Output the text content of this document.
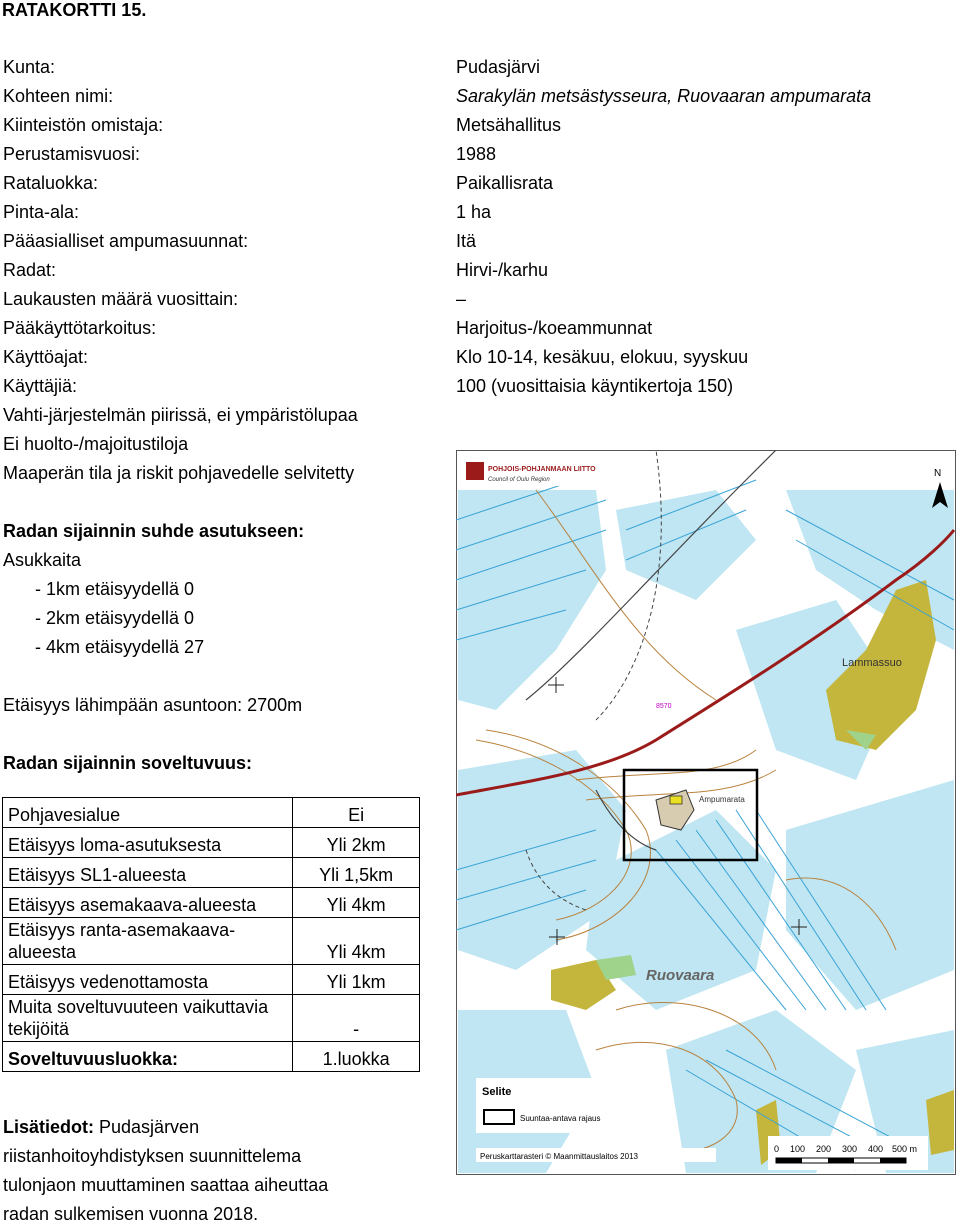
RATAKORTTI 15.
Kunta:	Pudasjärvi
Kohteen nimi:	Sarakylän metsästysseura, Ruovaaran ampumarata
Kiinteistön omistaja:	Metsähallitus
Perustamisvuosi:	1988
Rataluokka:	Paikallisrata
Pinta-ala:	1 ha
Pääasialliset ampumasuunnat:	Itä
Radat:	Hirvi-/karhu
Laukausten määrä vuosittain:	–
Pääkäyttötarkoitus:	Harjoitus-/koeammunnat
Käyttöajat:	Klo 10-14, kesäkuu, elokuu, syyskuu
Käyttäjiä:	100 (vuosittaisia käyntikertoja 150)
Vahti-järjestelmän piirissä, ei ympäristölupaa
Ei huolto-/majoitustiloja
Maaperän tila ja riskit pohjavedelle selvitetty
Radan sijainnin suhde asutukseen:
Asukkaita
- 1km etäisyydellä 0
- 2km etäisyydellä 0
- 4km etäisyydellä 27
Etäisyys lähimpään asuntoon: 2700m
Radan sijainnin soveltuvuus:
Pohjavesialue	Ei
Etäisyys loma-asutuksesta	Yli 2km
Etäisyys SL1-alueesta	Yli 1,5km
Etäisyys asemakaava-alueesta	Yli 4km
Etäisyys ranta-asemakaava-alueesta	Yli 4km
Etäisyys vedenottamosta	Yli 1km
Muita soveltuvuuteen vaikuttavia tekijöitä	-
Soveltuvuusluokka:	1.luokka
Lisätiedot: Pudasjärven
riistanhoitoyhdistyksen suunnittelema
tulonjaon muuttaminen saattaa aiheuttaa
radan sulkemisen vuonna 2018.
POHJOIS-POHJANMAAN LIITTO
Council of Oulu Region
N
Lammassuo
Ruovaara
Ampumarata
8570
Selite
Suuntaa-antava rajaus
Peruskarttarasteri © Maanmittauslaitos 2013
0 100 200 300 400 500 m
